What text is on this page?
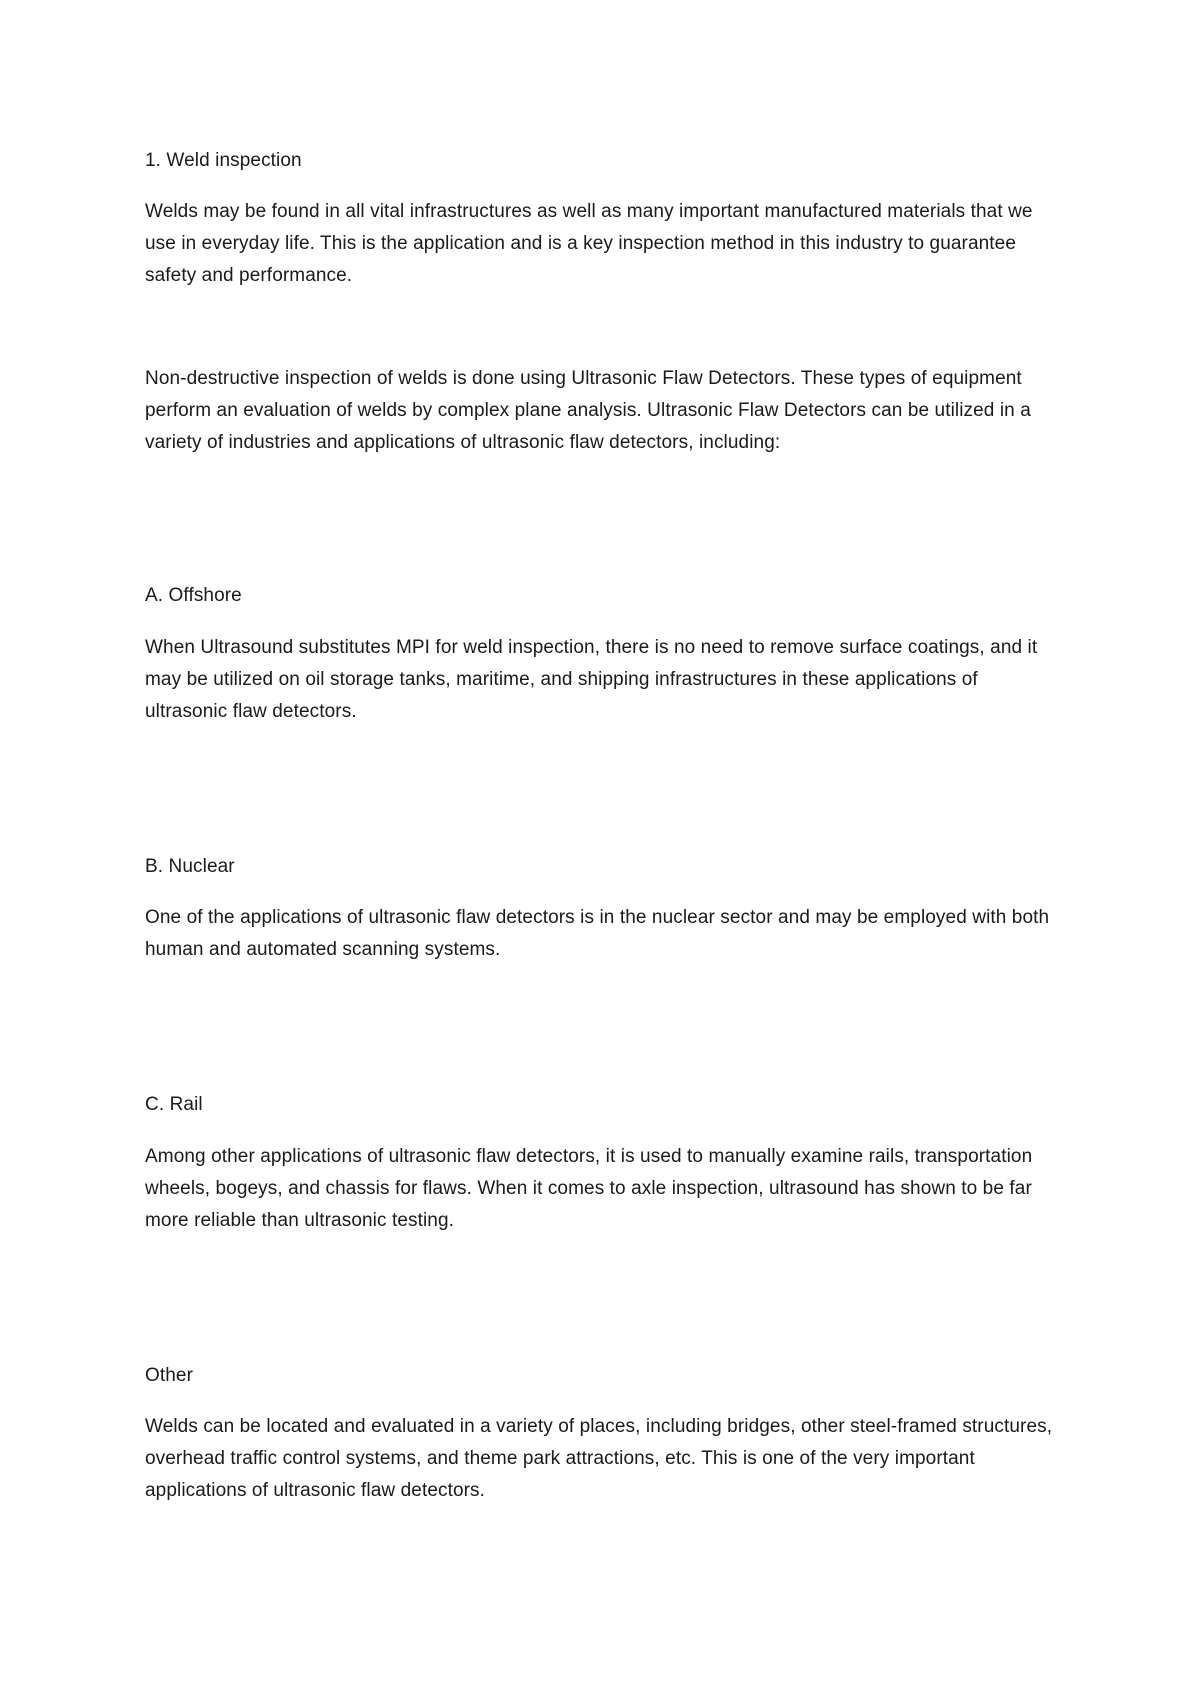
1. Weld inspection

Welds may be found in all vital infrastructures as well as many important manufactured materials that we use in everyday life. This is the application and is a key inspection method in this industry to guarantee safety and performance.

Non-destructive inspection of welds is done using Ultrasonic Flaw Detectors. These types of equipment perform an evaluation of welds by complex plane analysis. Ultrasonic Flaw Detectors can be utilized in a variety of industries and applications of ultrasonic flaw detectors, including:

A. Offshore

When Ultrasound substitutes MPI for weld inspection, there is no need to remove surface coatings, and it may be utilized on oil storage tanks, maritime, and shipping infrastructures in these applications of ultrasonic flaw detectors.

B. Nuclear

One of the applications of ultrasonic flaw detectors is in the nuclear sector and may be employed with both human and automated scanning systems.

C. Rail

Among other applications of ultrasonic flaw detectors, it is used to manually examine rails, transportation wheels, bogeys, and chassis for flaws. When it comes to axle inspection, ultrasound has shown to be far more reliable than ultrasonic testing.

Other

Welds can be located and evaluated in a variety of places, including bridges, other steel-framed structures, overhead traffic control systems, and theme park attractions, etc. This is one of the very important applications of ultrasonic flaw detectors.
